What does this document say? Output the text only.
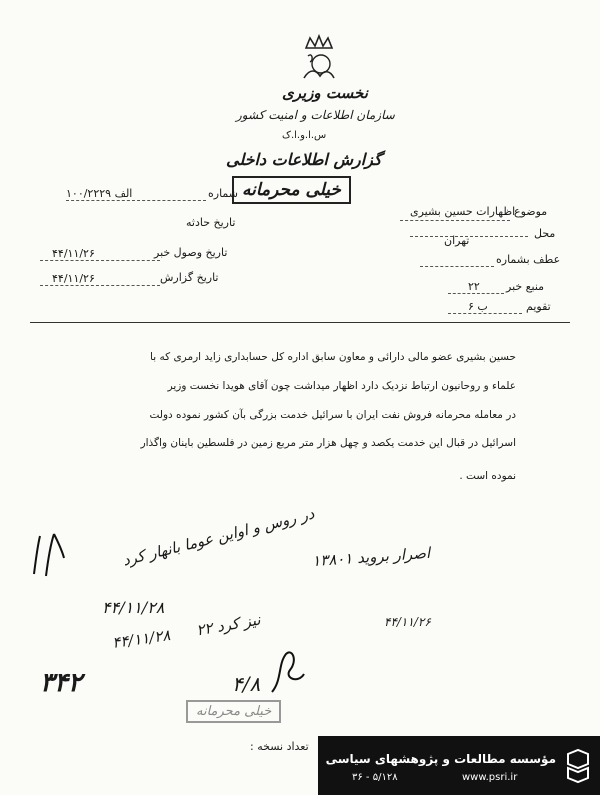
نخست وزیری
سازمان اطلاعات و امنیت کشور
س.ا.و.ا.ک
گزارش اطلاعات داخلی
خیلی محرمانه
شماره
۱۰۰/۲۲۲۹ الف
تاریخ حادثه
تاریخ وصول خبر
۴۴/۱۱/۲۶
تاریخ گزارش
۴۴/۱۱/۲۶
موضوع
اظهارات حسین بشیری
محل
تهران
عطف بشماره
منبع خبر
۲۲
تقویم
ب ۶
حسین بشیری عضو مالی دارائی و معاون سابق اداره کل حسابداری زاید ارمری که با
علماء و روحانیون ارتباط نزدیک دارد اظهار میداشت چون آقای هویدا نخست وزیر
در معامله محرمانه فروش نفت ایران با سرائیل خدمت بزرگی بآن کشور نموده دولت
اسرائیل در قبال این خدمت یکصد و چهل هزار متر مربع زمین در فلسطین باینان واگذار
نموده است .
اصرار بروید ۱۳۸۰۱
در روس و اواین عوما بانهار کرد
۴۴/۱۱/۲۸
۴۴/۱۱/۲۸ نیز کرد ۲۲	۴۴/۱۱/۲۶
۳۴۲	۴/۸
خیلی محرمانه
تعداد نسخه :
مؤسسه مطالعات و پژوهشهای سیاسی
www.psri.ir
۳۶ - ۵/۱۲۸
